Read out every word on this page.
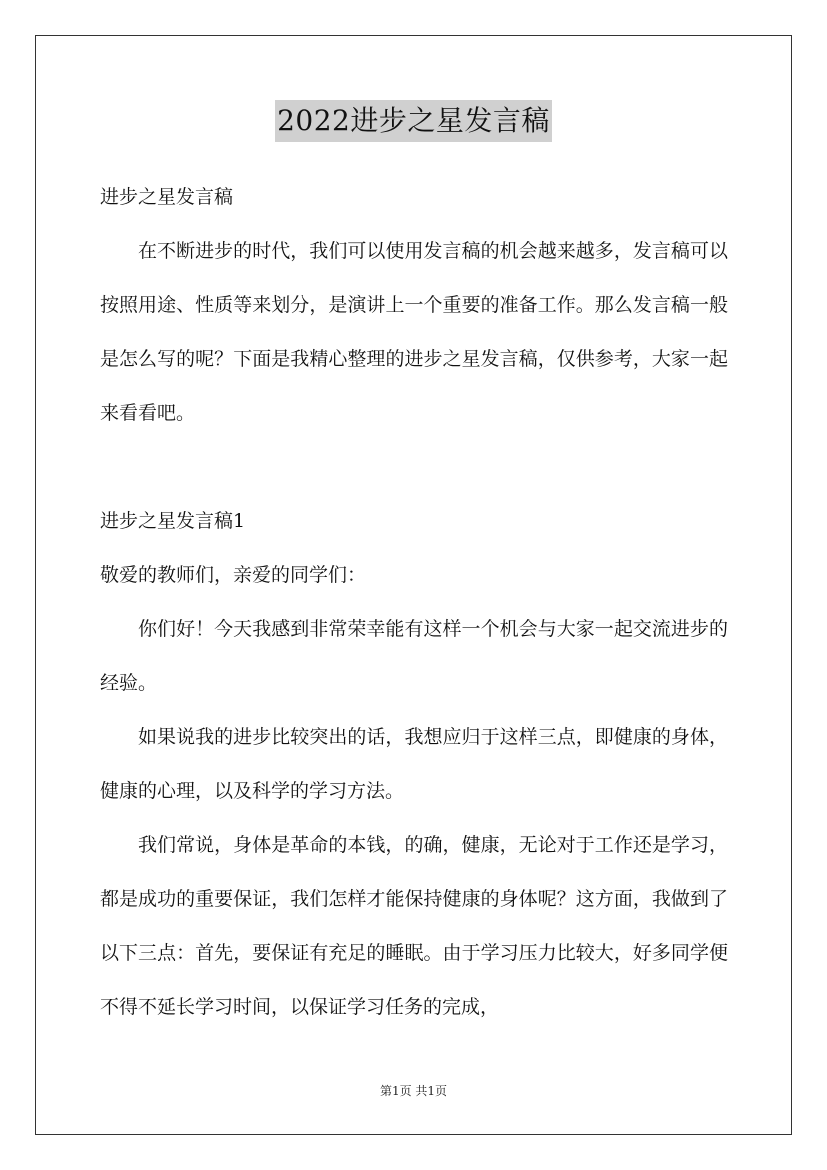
2022进步之星发言稿

进步之星发言稿

在不断进步的时代，我们可以使用发言稿的机会越来越多，发言稿可以按照用途、性质等来划分，是演讲上一个重要的准备工作。那么发言稿一般是怎么写的呢？下面是我精心整理的进步之星发言稿，仅供参考，大家一起来看看吧。

进步之星发言稿1

敬爱的教师们，亲爱的同学们：

你们好！今天我感到非常荣幸能有这样一个机会与大家一起交流进步的经验。

如果说我的进步比较突出的话，我想应归于这样三点，即健康的身体，健康的心理，以及科学的学习方法。

我们常说，身体是革命的本钱，的确，健康，无论对于工作还是学习，都是成功的重要保证，我们怎样才能保持健康的身体呢？这方面，我做到了以下三点：首先，要保证有充足的睡眠。由于学习压力比较大，好多同学便不得不延长学习时间，以保证学习任务的完成，

第1页 共1页
